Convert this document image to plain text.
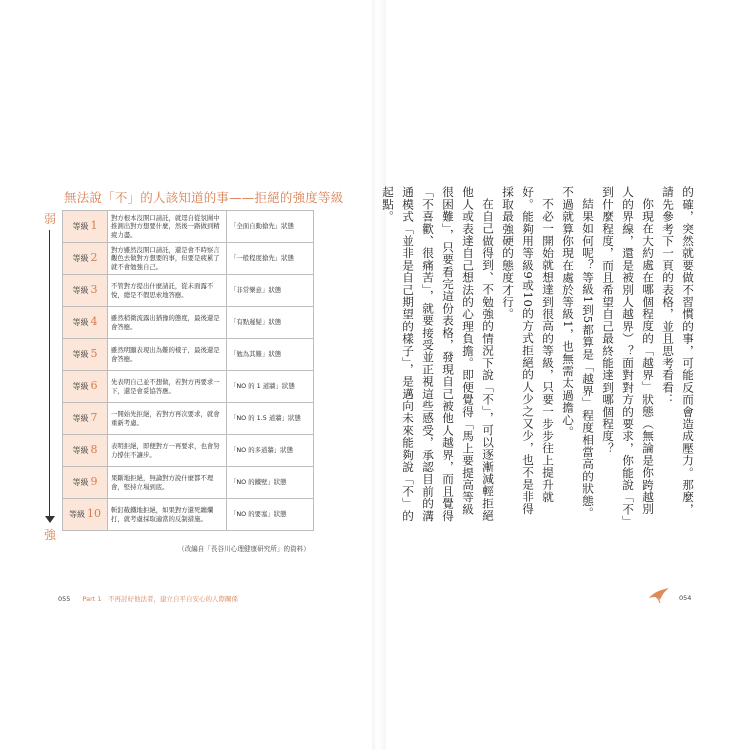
無法說「不」的人該知道的事——拒絕的強度等級
弱
強
等級 1	對方根本沒開口請託，就逕自從氛圍中推測出對方想要什麼，然後一路做到精疲力盡。	「全面自動搶先」狀態
等級 2	對方雖然沒開口請託，還是會不時察言觀色去做對方想要的事，但要是疲累了就不會勉強自己。	「一般程度搶先」狀態
等級 3	不管對方提出什麼請託，從未面露不悅，總是不假思索地答應。	「非常樂意」狀態
等級 4	雖然稍微流露出猶豫的態度，最後還是會答應。	「有點遲疑」狀態
等級 5	雖然明顯表現出為難的樣子，最後還是會答應。	「勉為其難」狀態
等級 6	先表明自己並不想做，若對方再要求一下，還是會妥協答應。	「NO 的 1 道牆」狀態
等級 7	一開始先拒絕，若對方再次要求，就會重新考慮。	「NO 的 1.5 道牆」狀態
等級 8	表明拒絕，即便對方一再要求，也會努力撐住不讓步。	「NO 的多道牆」狀態
等級 9	果斷地拒絕，無論對方說什麼都不理會，堅持立場到底。	「NO 的鐵壁」狀態
等級 10	斬釘截鐵地拒絕，如果對方還死纏爛打，就考慮採取適當的反制措施。	「NO 的要塞」狀態
（改編自「長谷川心理健康研究所」的資料）
055 Part 1　不再討好他法者，建立自平自安心的人際關係

的確，突然就要做不習慣的事，可能反而會造成壓力。那麼，請先參考下一頁的表格，並且思考看看：

你現在大約處在哪個程度的「越界」狀態（無論是你跨越別人的界線，還是被別人越界）？面對對方的要求，你能說「不」到什麼程度，而且希望自己最終能達到哪個程度？

結果如何呢？等級1到5都算是「越界」程度相當高的狀態。不過就算你現在處於等級1，也無需太過擔心。

不必一開始就想達到很高的等級，只要一步步往上提升就好。能夠用等級9或10的方式拒絕的人少之又少，也不是非得採取最強硬的態度才行。

在自己做得到、不勉強的情況下說「不」，可以逐漸減輕拒絕他人或表達自己想法的心理負擔。即便覺得「馬上要提高等級很困難」，只要看完這份表格，發現自己被他人越界，而且覺得「不喜歡、很痛苦」，就要接受並正視這些感受，承認目前的溝通模式「並非是自己期望的樣子」，是邁向未來能夠說「不」的起點。

054
